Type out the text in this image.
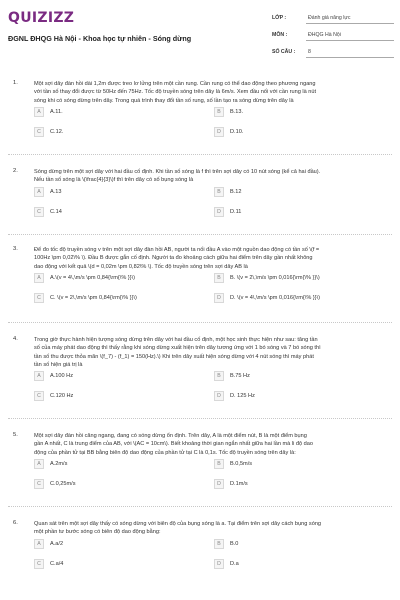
QUIZIZZ
ĐGNL ĐHQG Hà Nội - Khoa học tự nhiên - Sóng dừng
LỚP :	Đánh giá năng lực
MÔN :	ĐHQG Hà Nội
SỐ CÂU :	8
1.	Một sợi dây đàn hồi dài 1,2m được treo lơ lửng trên một cần rung. Cần rung có thể dao động theo phương ngang
với tần số thay đổi được từ 50Hz đến 75Hz. Tốc độ truyền sóng trên dây là 6m/s. Xem đầu nối với cần rung là nút
sóng khi có sóng dừng trên dây. Trong quá trình thay đổi tần số rung, số lần tạo ra sóng dừng trên dây là
A	A.11.	B	B.13.
C	C.12.	D	D.10.
2.	Sóng dừng trên một sợi dây với hai đầu cố định. Khi tần số sóng là f thì trên sợi dây có 10 nút sóng (kể cả hai đầu).
Nếu tần số sóng là \(\frac{4}{3}\)f thì trên dây có số bụng sóng là
A	A.13	B	B.12
C	C.14	D	D.11
3.	Để đo tốc độ truyền sóng v trên một sợi dây đàn hồi AB, người ta nối đầu A vào một nguồn dao động có tần số \(f =
100Hz \pm 0,02\% \). Đầu B được gắn cố định. Người ta đo khoảng cách giữa hai điểm trên dây gần nhất không
dao động với kết quả \(d = 0,02m \pm 0,82\% \). Tốc độ truyền sóng trên sợi dây AB là
A	A.\(v = 4\,\m/s \pm 0,84{\rm{\% }}\)	B	B. \(v = 2\,\m/s \pm 0,016{\rm{\% }}\)
C	C. \(v = 2\,\m/s \pm 0,84{\rm{\% }}\)	D	D. \(v = 4\,\m/s \pm 0,016{\rm{\% }}\)
4.	Trong giờ thực hành hiện tượng sóng dừng trên dây với hai đầu cố định, một học sinh thực hiện như sau: tăng tần
số của máy phát dao động thì thấy rằng khi sóng dừng xuất hiện trên dây tương ứng với 1 bó sóng và 7 bó sóng thì
tần số thu được thỏa mãn \(f_7) - (f_1) = 150(Hz).\) Khi trên dây xuất hiện sóng dừng với 4 nút sóng thì máy phát
tần số hiện giá trị là
A	A.100 Hz	B	B.75 Hz
C	C.120 Hz	D	D. 125 Hz
5.	Một sợi dây đàn hồi căng ngang, đang có sóng dừng ổn định. Trên dây, A là một điểm nút, B là một điểm bụng
gần A nhất, C là trung điểm của AB, với \(AC = 10cm\). Biết khoảng thời gian ngắn nhất giữa hai lần mà li độ dao
động của phần tử tại BB bằng biên độ dao động của phần tử tại C là 0,1s. Tốc độ truyền sóng trên dây là:
A	A.2m/s	B	B.0,5m/s
C	C.0,25m/s	D	D.1m/s
6.	Quan sát trên một sợi dây thấy có sóng dừng với biên độ của bụng sóng là a. Tại điểm trên sợi dây cách bụng sóng
một phần tư bước sóng có biên độ dao động bằng:
A	A.a/2	B	B.0
C	C.a/4	D	D.a
